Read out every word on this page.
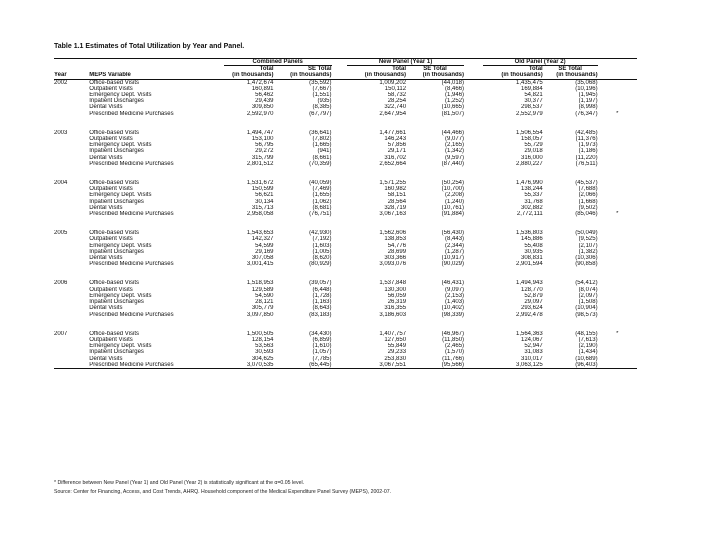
Table 1.1 Estimates of Total Utilization by Year and Panel.

		Combined Panels			New Panel (Year 1)			Old Panel (Year 2)		
		Total	SE Total		Total	SE Total		Total	SE Total	
Year	MEPS Variable	(in thousands)	(in thousands)		(in thousands)	(in thousands)		(in thousands)	(in thousands)	
2002	Office-based Visits	1,472,674	(35,592)		1,009,202	(44,018)		1,435,475	(35,068)	
	Outpatient Visits	160,891	(7,667)		150,112	(8,466)		169,884	(10,196)	
	Emergency Dept. Visits	56,462	(1,551)		58,732	(1,946)		54,821	(1,945)	
	Inpatient Discharges	29,439	(935)		28,254	(1,252)		30,377	(1,197)	
	Dental Visits	309,850	(8,385)		322,740	(10,665)		298,537	(8,998)	
	Prescribed Medicine Purchases	2,592,970	(67,797)		2,647,954	(81,507)		2,552,979	(76,347)	*

2003	Office-based Visits	1,494,747	(36,641)		1,477,661	(44,466)		1,506,554	(42,485)	
	Outpatient Visits	153,100	(7,802)		146,243	(9,077)		158,057	(11,376)	
	Emergency Dept. Visits	56,795	(1,665)		57,856	(2,165)		55,729	(1,973)	
	Inpatient Discharges	29,272	(941)		29,171	(1,342)		29,018	(1,186)	
	Dental Visits	315,799	(8,661)		316,702	(9,597)		316,000	(11,220)	
	Prescribed Medicine Purchases	2,801,512	(70,359)		2,652,664	(87,440)		2,880,227	(76,511)	

2004	Office-based Visits	1,531,672	(40,059)		1,571,255	(50,254)		1,476,990	(45,537)	
	Outpatient Visits	150,599	(7,469)		160,982	(10,700)		138,244	(7,688)	
	Emergency Dept. Visits	56,621	(1,655)		58,151	(2,208)		55,337	(2,066)	
	Inpatient Discharges	30,134	(1,062)		28,564	(1,240)		31,768	(1,668)	
	Dental Visits	315,713	(8,681)		328,719	(10,761)		302,882	(9,502)	
	Prescribed Medicine Purchases	2,958,058	(76,751)		3,067,163	(91,884)		2,772,111	(85,046)	*

2005	Office-based Visits	1,543,653	(42,930)		1,562,606	(56,430)		1,536,803	(50,049)	
	Outpatient Visits	142,327	(7,192)		138,853	(8,443)		145,886	(9,525)	
	Emergency Dept. Visits	54,599	(1,603)		54,776	(2,344)		55,408	(2,107)	
	Inpatient Discharges	29,169	(1,005)		28,699	(1,287)		30,935	(1,382)	
	Dental Visits	307,058	(8,620)		303,366	(10,917)		308,831	(10,306)	
	Prescribed Medicine Purchases	3,001,415	(80,929)		3,093,076	(90,029)		2,901,594	(90,858)	

2006	Office-based Visits	1,518,953	(39,057)		1,537,848	(46,431)		1,494,943	(54,412)	
	Outpatient Visits	129,589	(6,448)		130,300	(9,097)		128,770	(8,074)	
	Emergency Dept. Visits	54,590	(1,728)		56,059	(2,153)		52,879	(2,097)	
	Inpatient Discharges	28,121	(1,163)		26,319	(1,403)		29,097	(1,508)	
	Dental Visits	305,779	(8,643)		316,355	(10,402)		293,624	(10,904)	
	Prescribed Medicine Purchases	3,097,850	(83,183)		3,186,603	(98,339)		2,992,478	(98,573)	

2007	Office-based Visits	1,500,505	(34,430)		1,407,757	(46,967)		1,564,363	(48,155)	*
	Outpatient Visits	128,154	(6,859)		127,650	(11,850)		124,067	(7,613)	
	Emergency Dept. Visits	53,563	(1,610)		55,849	(2,465)		52,947	(2,190)	
	Inpatient Discharges	30,593	(1,057)		29,233	(1,570)		31,083	(1,434)	
	Dental Visits	304,625	(7,785)		253,830	(11,766)		310,017	(10,689)	
	Prescribed Medicine Purchases	3,070,535	(65,445)		3,067,551	(95,566)		3,063,125	(96,403)	
* Difference between New Panel (Year 1) and Old Panel (Year 2) is statistically significant at the α=0.05 level.
Source: Center for Financing, Access, and Cost Trends, AHRQ. Household component of the Medical Expenditure Panel Survey (MEPS), 2002-07.
